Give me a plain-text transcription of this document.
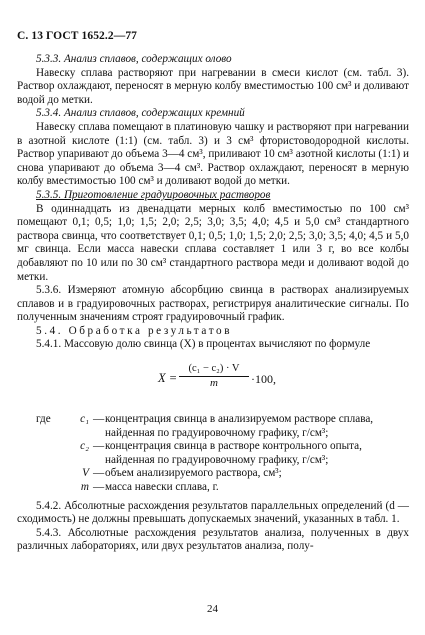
С. 13 ГОСТ 1652.2—77

5.3.3. Анализ сплавов, содержащих олово

Навеску сплава растворяют при нагревании в смеси кислот (см. табл. 3). Раствор охлаждают, переносят в мерную колбу вместимостью 100 см³ и доливают водой до метки.

5.3.4. Анализ сплавов, содержащих кремний

Навеску сплава помещают в платиновую чашку и растворяют при нагревании в азотной кислоте (1:1) (см. табл. 3) и 3 см³ фтористоводородной кислоты. Раствор упаривают до объема 3—4 см³, приливают 10 см³ азотной кислоты (1:1) и снова упаривают до объема 3—4 см³. Раствор охлаждают, переносят в мерную колбу вместимостью 100 см³ и доливают водой до метки.

5.3.5. Приготовление градуировочных растворов

В одиннадцать из двенадцати мерных колб вместимостью по 100 см³ помещают 0,1; 0,5; 1,0; 1,5; 2,0; 2,5; 3,0; 3,5; 4,0; 4,5 и 5,0 см³ стандартного раствора свинца, что соответствует 0,1; 0,5; 1,0; 1,5; 2,0; 2,5; 3,0; 3,5; 4,0; 4,5 и 5,0 мг свинца. Если масса навески сплава составляет 1 или 3 г, во все колбы добавляют по 10 или по 30 см³ стандартного раствора меди и доливают водой до метки.

5.3.6. Измеряют атомную абсорбцию свинца в растворах анализируемых сплавов и в градуировочных растворах, регистрируя аналитические сигналы. По полученным значениям строят градуировочный график.

5.4. Обработка результатов

5.4.1. Массовую долю свинца (X) в процентах вычисляют по формуле

$X = \frac{\text{(c₁ − c₂) · V}}{m} \cdot 100$,
где	c₁ — концентрация свинца в анализируемом растворе сплава, найденная по градуировочному графику, г/см³;
c₂ — концентрация свинца в растворе контрольного опыта, найденная по градуировочному графику, г/см³;
V — объем анализируемого раствора, см³;
m — масса навески сплава, г.

5.4.2. Абсолютные расхождения результатов параллельных определений (d — сходимость) не должны превышать допускаемых значений, указанных в табл. 1.

5.4.3. Абсолютные расхождения результатов анализа, полученных в двух различных лабораториях, или двух результатов анализа, полу-

24
